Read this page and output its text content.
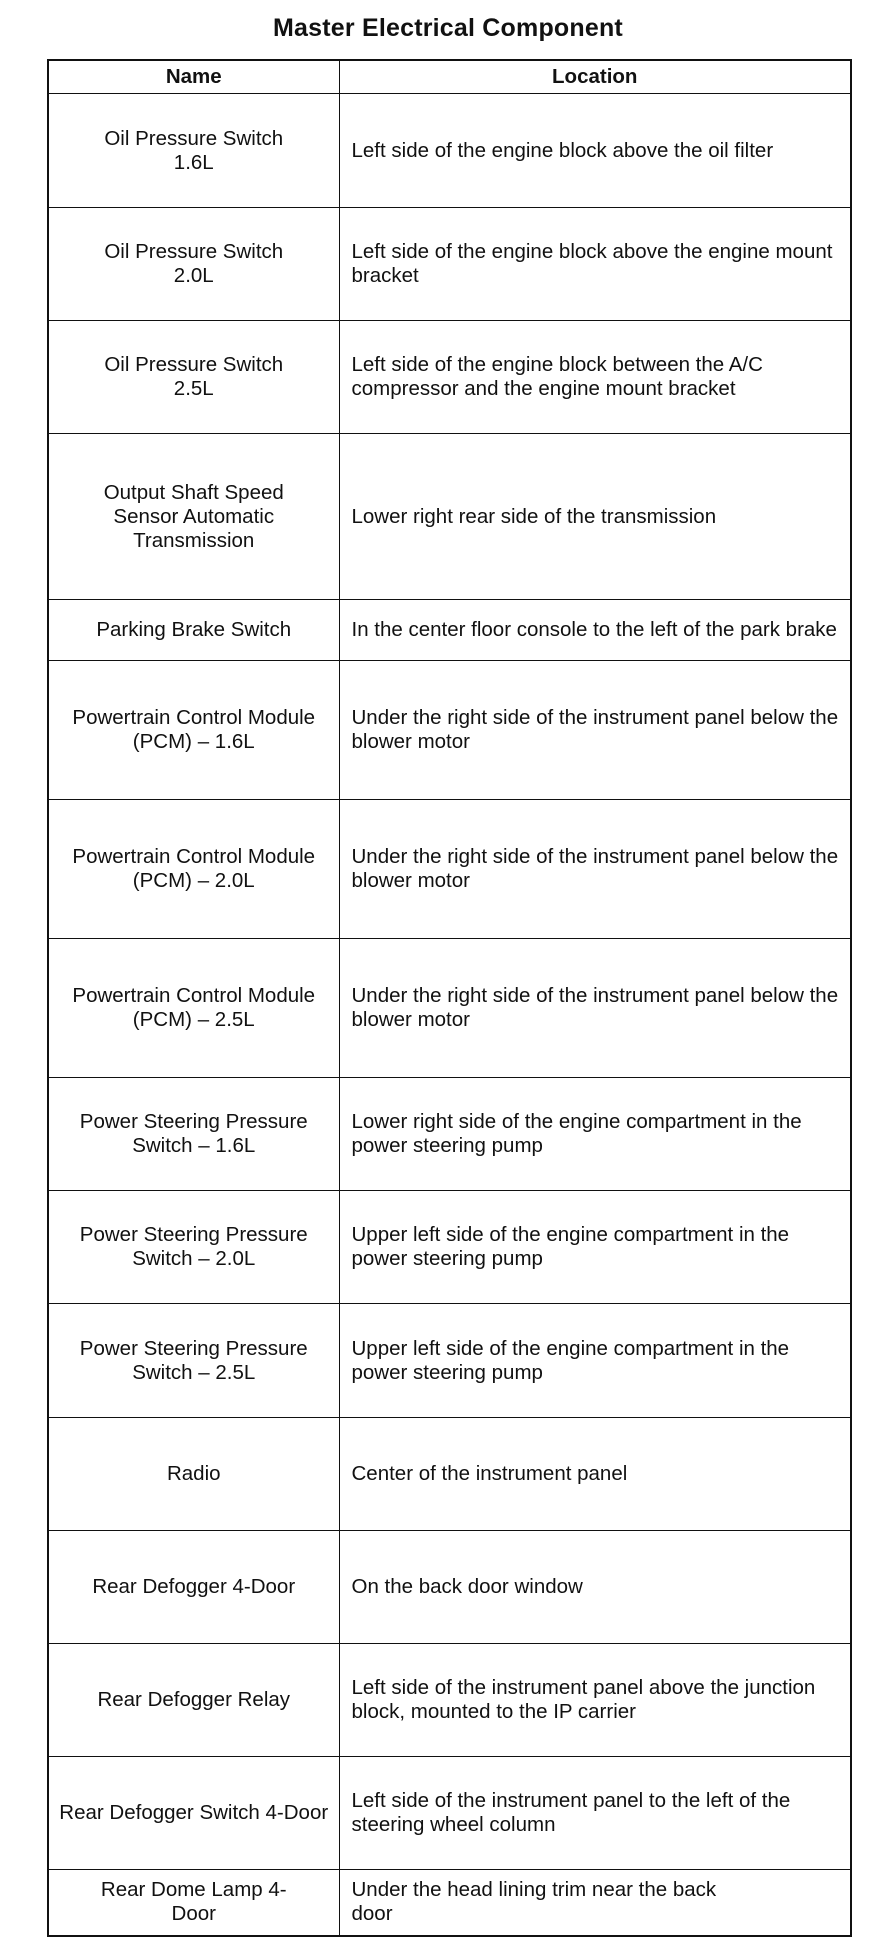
Master Electrical Component
Name	Location
Oil Pressure Switch 1.6L	Left side of the engine block above the oil filter
Oil Pressure Switch 2.0L	Left side of the engine block above the engine mount bracket
Oil Pressure Switch 2.5L	Left side of the engine block between the A/C compressor and the engine mount bracket
Output Shaft Speed Sensor Automatic Transmission	Lower right rear side of the transmission
Parking Brake Switch	In the center floor console to the left of the park brake
Powertrain Control Module (PCM) – 1.6L	Under the right side of the instrument panel below the blower motor
Powertrain Control Module (PCM) – 2.0L	Under the right side of the instrument panel below the blower motor
Powertrain Control Module (PCM) – 2.5L	Under the right side of the instrument panel below the blower motor
Power Steering Pressure Switch – 1.6L	Lower right side of the engine compartment in the power steering pump
Power Steering Pressure Switch – 2.0L	Upper left side of the engine compartment in the power steering pump
Power Steering Pressure Switch – 2.5L	Upper left side of the engine compartment in the power steering pump
Radio	Center of the instrument panel
Rear Defogger 4-Door	On the back door window
Rear Defogger Relay	Left side of the instrument panel above the junction block, mounted to the IP carrier
Rear Defogger Switch 4-Door	Left side of the instrument panel to the left of the steering wheel column
Rear Dome Lamp 4-Door	Under the head lining trim near the back door
